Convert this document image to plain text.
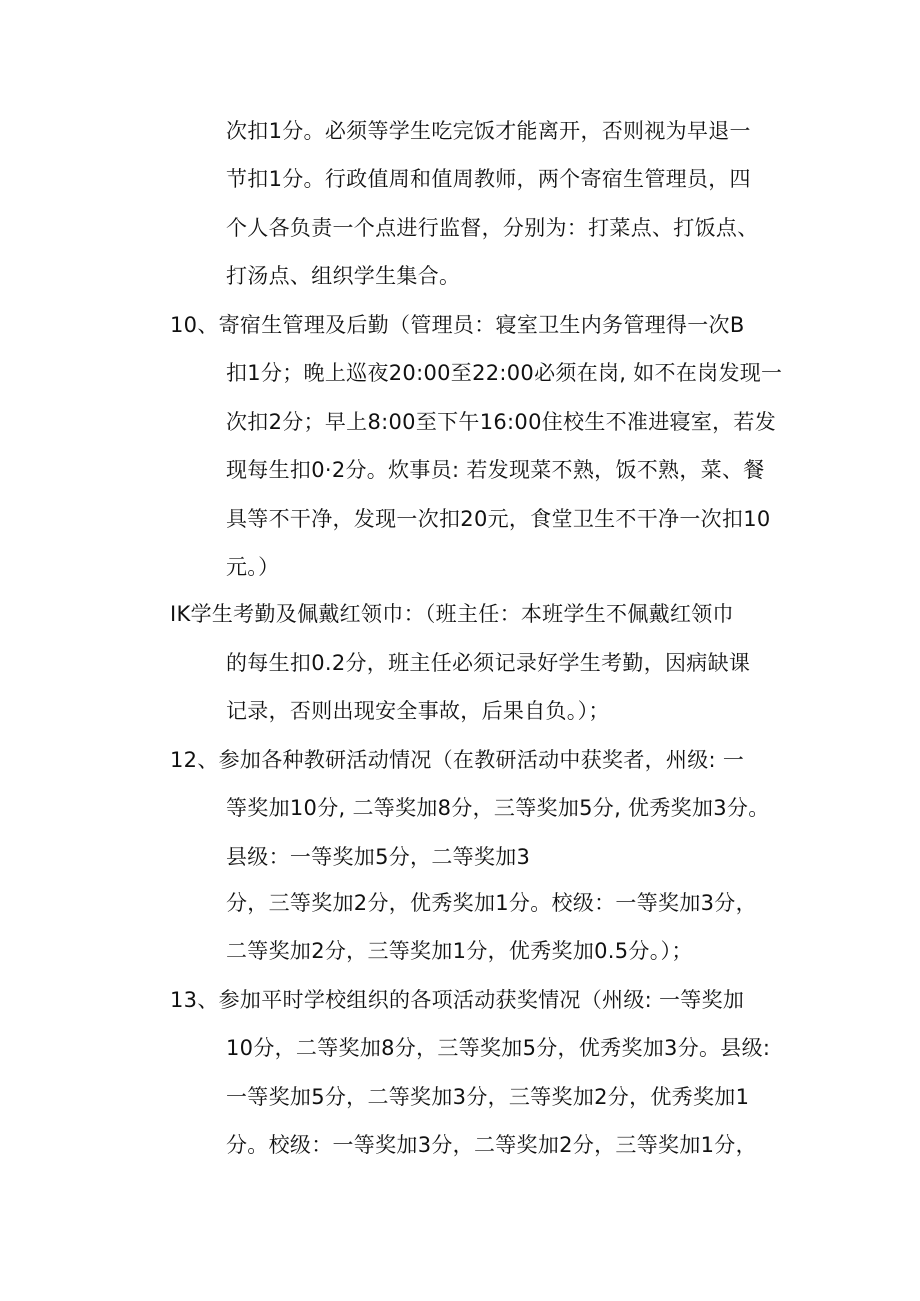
次扣1分。必须等学生吃完饭才能离开，否则视为早退一
节扣1分。行政值周和值周教师，两个寄宿生管理员，四
个人各负责一个点进行监督，分别为：打菜点、打饭点、
打汤点、组织学生集合。
10、寄宿生管理及后勤（管理员：寝室卫生内务管理得一次B
扣1分；晚上巡夜20:00至22:00必须在岗, 如不在岗发现一
次扣2分；早上8:00至下午16:00住校生不准进寝室，若发
现每生扣0·2分。炊事员: 若发现菜不熟，饭不熟，菜、餐
具等不干净，发现一次扣20元，食堂卫生不干净一次扣10
元。）
IK学生考勤及佩戴红领巾：（班主任：本班学生不佩戴红领巾
的每生扣0.2分，班主任必须记录好学生考勤，因病缺课
记录，否则出现安全事故，后果自负。）；
12、参加各种教研活动情况（在教研活动中获奖者，州级: 一
等奖加10分, 二等奖加8分，三等奖加5分, 优秀奖加3分。
县级：一等奖加5分，二等奖加3
分，三等奖加2分，优秀奖加1分。校级：一等奖加3分，
二等奖加2分，三等奖加1分，优秀奖加0.5分。）；
13、参加平时学校组织的各项活动获奖情况（州级: 一等奖加
10分，二等奖加8分，三等奖加5分，优秀奖加3分。县级:
一等奖加5分，二等奖加3分，三等奖加2分，优秀奖加1
分。校级：一等奖加3分，二等奖加2分，三等奖加1分，
